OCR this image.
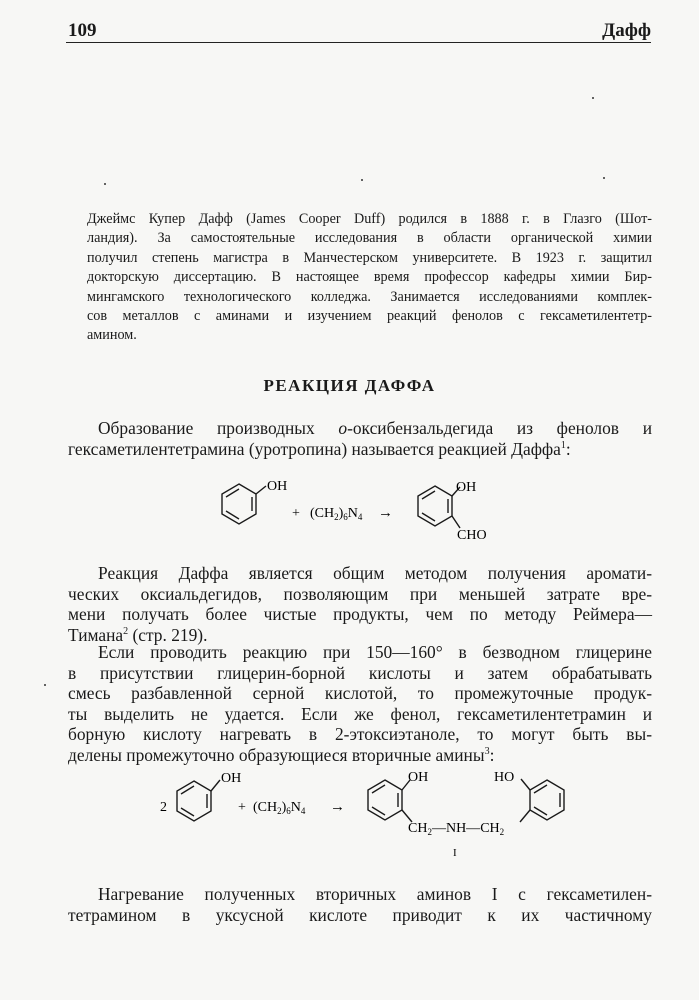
109	Дафф

Джеймс Купер Дафф (James Cooper Duff) родился в 1888 г. в Глазго (Шот-
ландия). За самостоятельные исследования в области органической химии
получил степень магистра в Манчестерском университете. В 1923 г. защитил
докторскую диссертацию. В настоящее время профессор кафедры химии Бир-
мингамского технологического колледжа. Занимается исследованиями комплек-
сов металлов с аминами и изучением реакций фенолов с гексаметилентетр-
амином.

РЕАКЦИЯ ДАФФА

Образование производных о-оксибензальдегида из фенолов и
гексаметилентетрамина (уротропина) называется реакцией Даффа$^1$:

OH
+ $(CH_2)_6N_4$ →
OH
CHO

Реакция Даффа является общим методом получения аромати-
ческих оксиальдегидов, позволяющим при меньшей затрате вре-
мени получать более чистые продукты, чем по методу Реймера—
Тимана$^2$ (стр. 219).

Если проводить реакцию при 150—160° в безводном глицерине
в присутствии глицерин-борной кислоты и затем обрабатывать
смесь разбавленной серной кислотой, то промежуточные продук-
ты выделить не удается. Если же фенол, гексаметилентетрамин и
борную кислоту нагревать в 2-этоксиэтаноле, то могут быть вы-
делены промежуточно образующиеся вторичные амины$^3$:

2
OH
+ $(CH_2)_6N_4$ →
OH
$CH_2—NH—CH_2$
HO
I

Нагревание полученных вторичных аминов I с гексаметилен-
тетрамином в уксусной кислоте приводит к их частичному
